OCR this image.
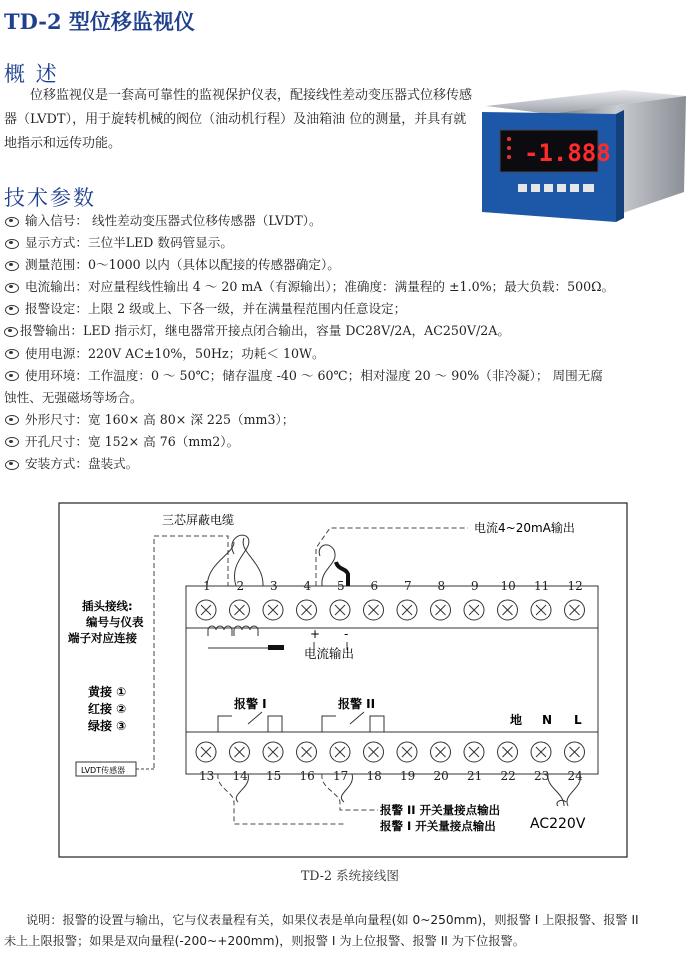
TD-2 型位移监视仪
概 述
位移监视仪是一套高可靠性的监视保护仪表，配接线性差动变压器式位移传感器（LVDT），用于旋转机械的阀位（油动机行程）及油箱油 位的测量，并具有就地指示和远传功能。	-1.888
技术参数
输入信号： 线性差动变压器式位移传感器（LVDT）。
显示方式：三位半LED 数码管显示。
测量范围：0～1000 以内（具体以配接的传感器确定）。
电流输出：对应量程线性输出 4 ～ 20 mA（有源输出）；准确度：满量程的 ±1.0%；最大负载：500Ω。
报警设定：上限 2 级或上、下各一级，并在满量程范围内任意设定；
报警输出：LED 指示灯，继电器常开接点闭合输出，容量 DC28V/2A，AC250V/2A。
使用电源：220V AC±10%，50Hz；功耗＜ 10W。
使用环境：工作温度：0 ～ 50℃；储存温度 -40 ～ 60℃；相对湿度 20 ～ 90%（非冷凝）； 周围无腐
蚀性、无强磁场等场合。
外形尺寸：宽 160× 高 80× 深 225（mm3）；
开孔尺寸：宽 152× 高 76（mm2）。
安装方式：盘装式。
1 2 3 4 5 6 7 8 9 10 11 12
13 14 15 16 17 18 19 20 21 22 23 24
三芯屏蔽电缆
电流4~20mA输出
+ -
电流输出
插头接线:
编号与仪表
端子对应连接
黄接 ①
红接 ②
绿接 ③
LVDT传感器
报警 I	报警 II
地 N L
报警 II 开关量接点输出
报警 I 开关量接点输出 AC220V
TD-2 系统接线图
说明：报警的设置与输出，它与仪表量程有关，如果仪表是单向量程(如 0~250mm)，则报警 I 上限报警、报警 II
未上上限报警；如果是双向量程(-200~+200mm)，则报警 I 为上位报警、报警 II 为下位报警。
